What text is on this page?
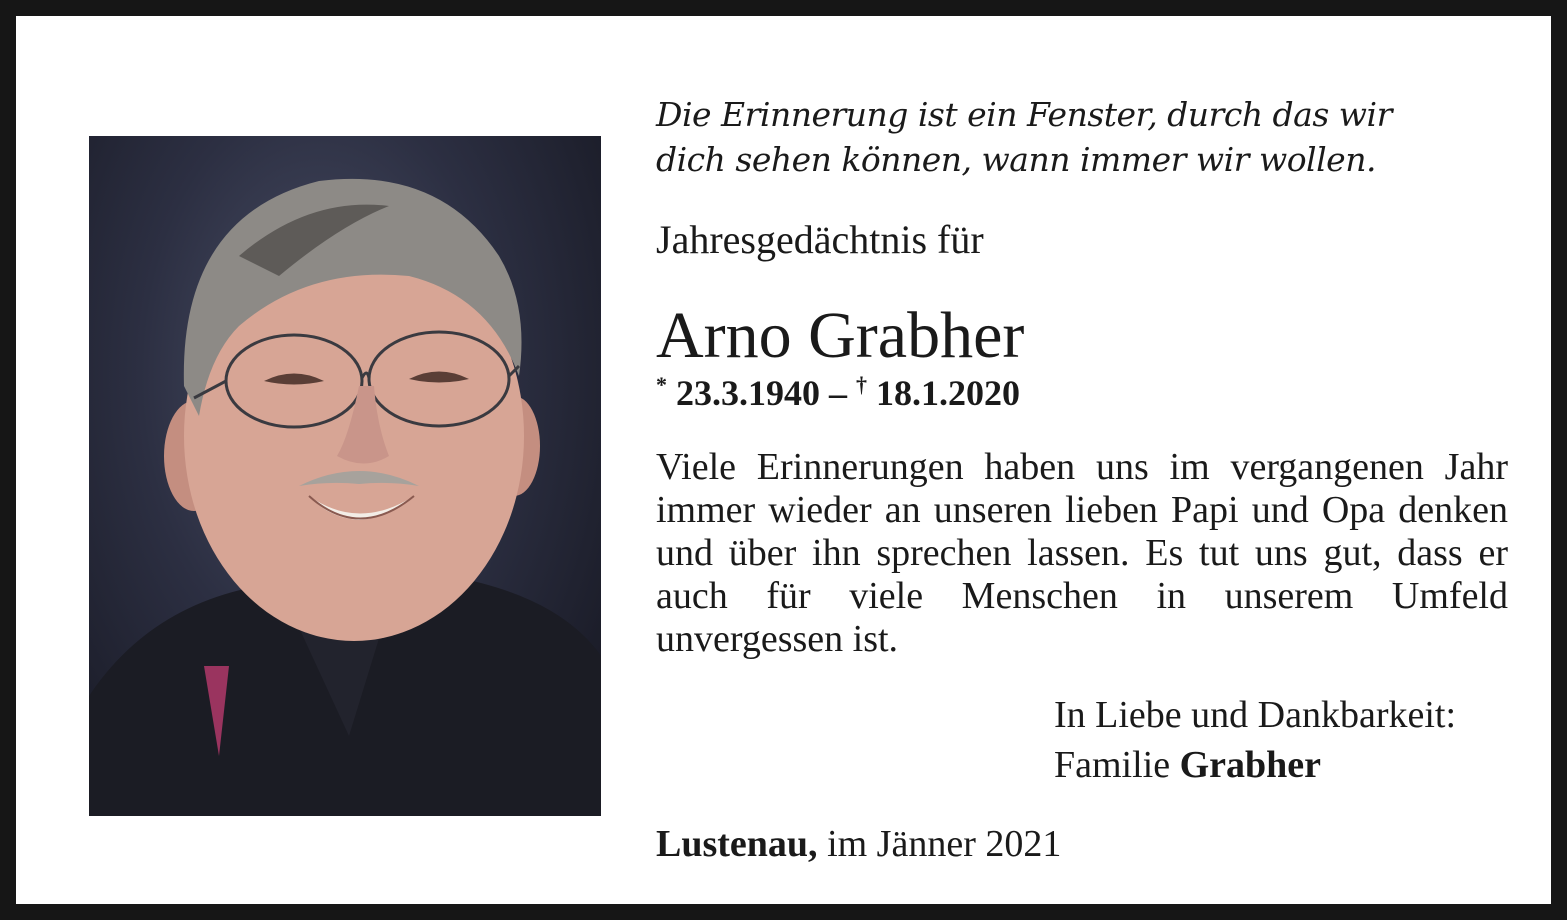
Die Erinnerung ist ein Fenster, durch das wir
dich sehen können, wann immer wir wollen.

Jahresgedächtnis für

Arno Grabher

* 23.3.1940 – † 18.1.2020

Viele Erinnerungen haben uns im vergangenen Jahr immer wieder an unseren lieben Papi und Opa denken und über ihn sprechen lassen. Es tut uns gut, dass er auch für viele Menschen in unserem Umfeld unvergessen ist.

In Liebe und Dankbarkeit:
Familie Grabher

Lustenau, im Jänner 2021
